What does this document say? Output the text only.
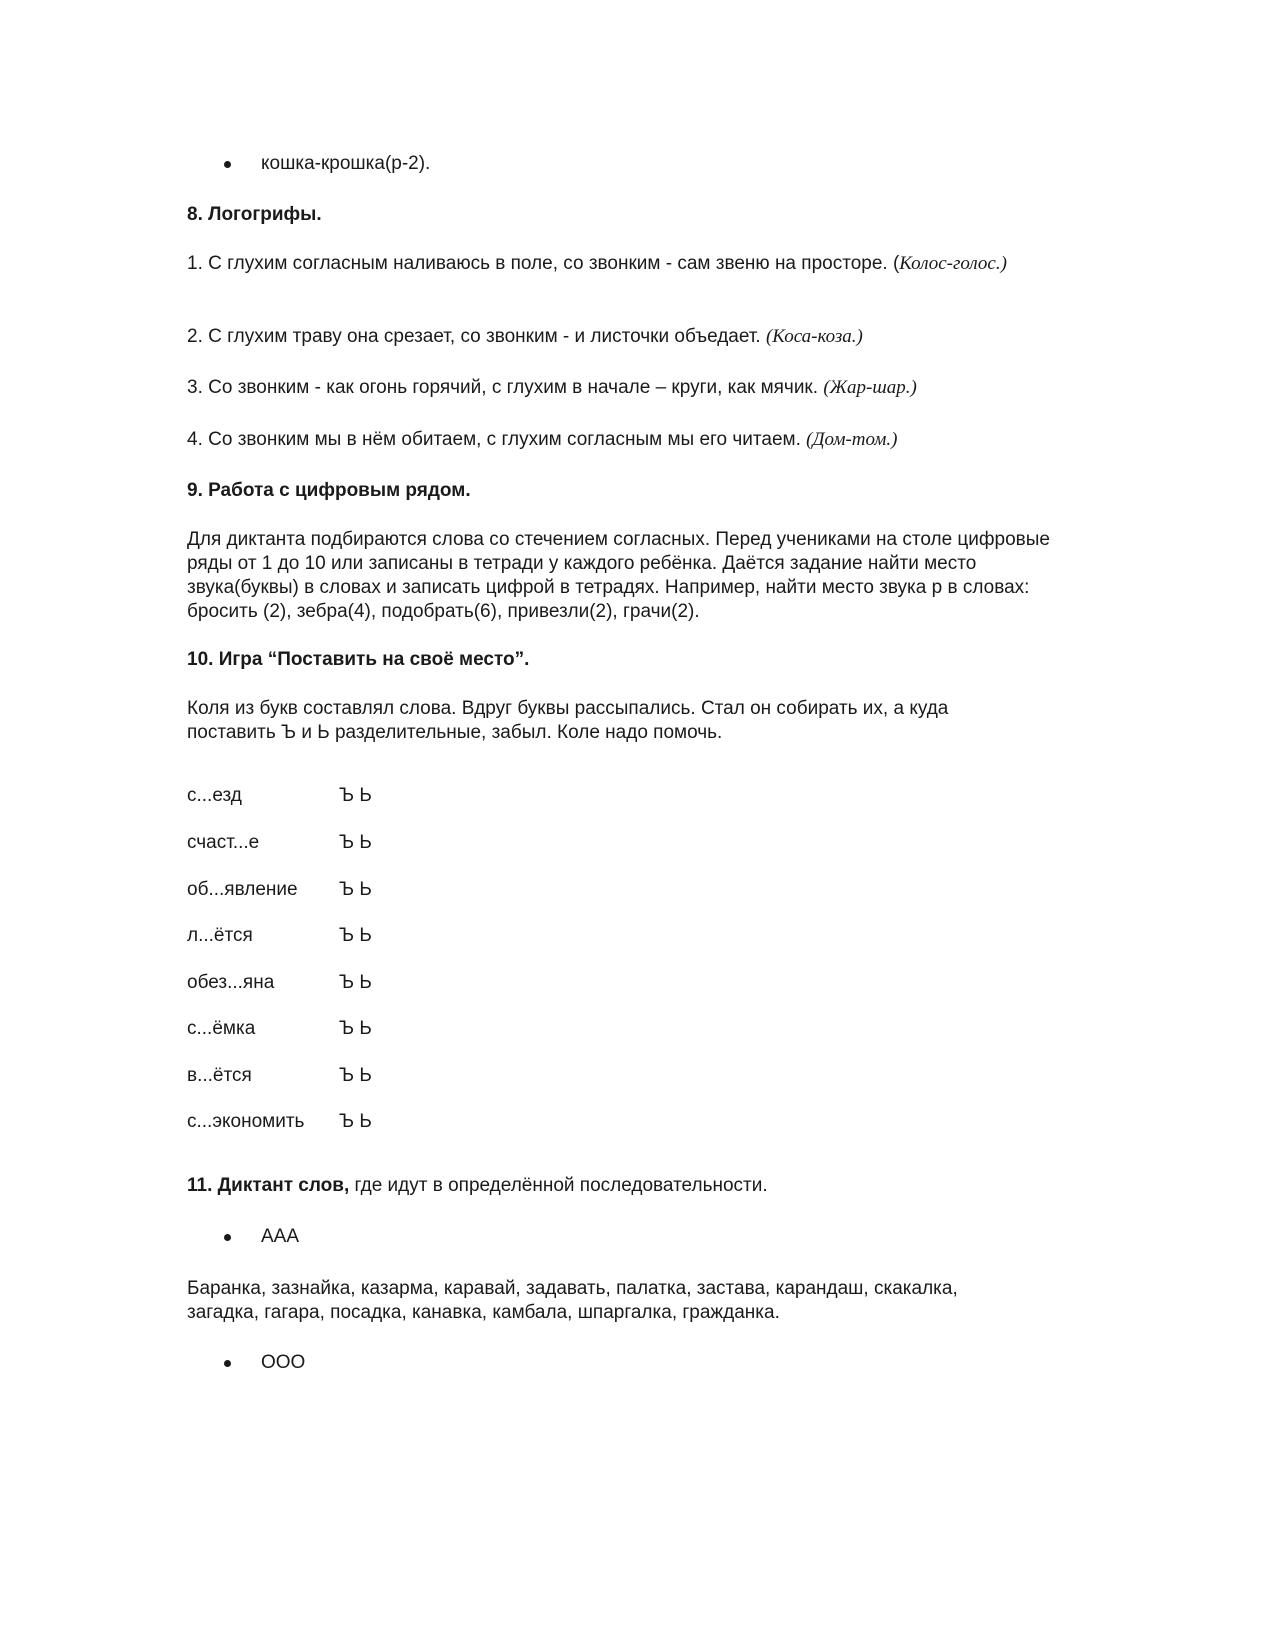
кошка-крошка(р-2).

8. Логогрифы.

1. С глухим согласным наливаюсь в поле, со звонким - сам звеню на просторе. (Колос-голос.)

2. С глухим траву она срезает, со звонким - и листочки объедает. (Коса-коза.)

3. Со звонким - как огонь горячий, с глухим в начале – круги, как мячик. (Жар-шар.)

4. Со звонким мы в нём обитаем, с глухим согласным мы его читаем. (Дом-том.)

9. Работа с цифровым рядом.

Для диктанта подбираются слова со стечением согласных. Перед учениками на столе цифровые ряды от 1 до 10 или записаны в тетради у каждого ребёнка. Даётся задание найти место звука(буквы) в словах и записать цифрой в тетрадях. Например, найти место звука р в словах: бросить (2), зебра(4), подобрать(6), привезли(2), грачи(2).

10. Игра “Поставить на своё место”.

Коля из букв составлял слова. Вдруг буквы рассыпались. Стал он собирать их, а куда поставить Ъ и Ь разделительные, забыл. Коле надо помочь.

с...езд	Ъ Ь
счаст...е	Ъ Ь
об...явление Ъ Ь
л...ётся	Ъ Ь
обез...яна	Ъ Ь
с...ёмка	Ъ Ь
в...ётся	Ъ Ь
с...экономить Ъ Ь

11. Диктант слов, где идут в определённой последовательности.

ААА

Баранка, зазнайка, казарма, каравай, задавать, палатка, застава, карандаш, скакалка, загадка, гагара, посадка, канавка, камбала, шпаргалка, гражданка.

ООО
